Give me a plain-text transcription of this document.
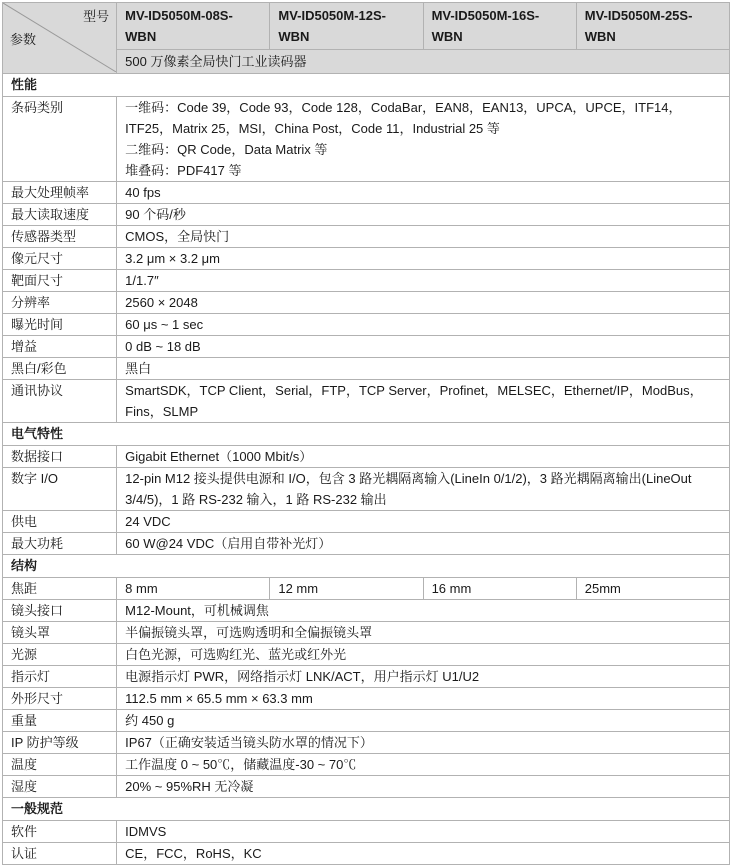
型号
参数	MV-ID5050M-08S-WBN	MV-ID5050M-12S-WBN	MV-ID5050M-16S-WBN	MV-ID5050M-25S-WBN
	500 万像素全局快门工业读码器			
性能				
条码类别	一维码：Code 39，Code 93，Code 128，CodaBar，EAN8，EAN13，UPCA，UPCE，ITF14，ITF25，Matrix 25，MSI，China Post，Code 11，Industrial 25 等
二维码：QR Code，Data Matrix 等
堆叠码：PDF417 等			

最大处理帧率	40 fps			
最大读取速度	90 个码/秒			
传感器类型	CMOS，全局快门			
像元尺寸	3.2 μm × 3.2 μm			
靶面尺寸	1/1.7″			
分辨率	2560 × 2048			
曝光时间	60 μs ~ 1 sec			
增益	0 dB ~ 18 dB			
黑白/彩色	黑白			
通讯协议	SmartSDK，TCP Client，Serial，FTP，TCP Server，Profinet，MELSEC，Ethernet/IP，ModBus， Fins，SLMP			
电气特性				
数据接口	Gigabit Ethernet（1000 Mbit/s）			
数字 I/O	12-pin M12 接头提供电源和 I/O，包含 3 路光耦隔离输入(LineIn 0/1/2)，3 路光耦隔离输出(LineOut 3/4/5)，1 路 RS-232 输入，1 路 RS-232 输出			
供电	24 VDC			
最大功耗	60 W@24 VDC（启用自带补光灯）			
结构				
焦距	8 mm	12 mm	16 mm	25mm
镜头接口	M12-Mount，可机械调焦			
镜头罩	半偏振镜头罩，可选购透明和全偏振镜头罩			
光源	白色光源，可选购红光、蓝光或红外光			
指示灯	电源指示灯 PWR，网络指示灯 LNK/ACT，用户指示灯 U1/U2			
外形尺寸	112.5 mm × 65.5 mm × 63.3 mm			
重量	约 450 g			
IP 防护等级	IP67（正确安装适当镜头防水罩的情况下）			
温度	工作温度 0 ~ 50℃，储藏温度-30 ~ 70℃			
湿度	20% ~ 95%RH 无冷凝			
一般规范				
软件	IDMVS			
认证	CE，FCC，RoHS，KC			
